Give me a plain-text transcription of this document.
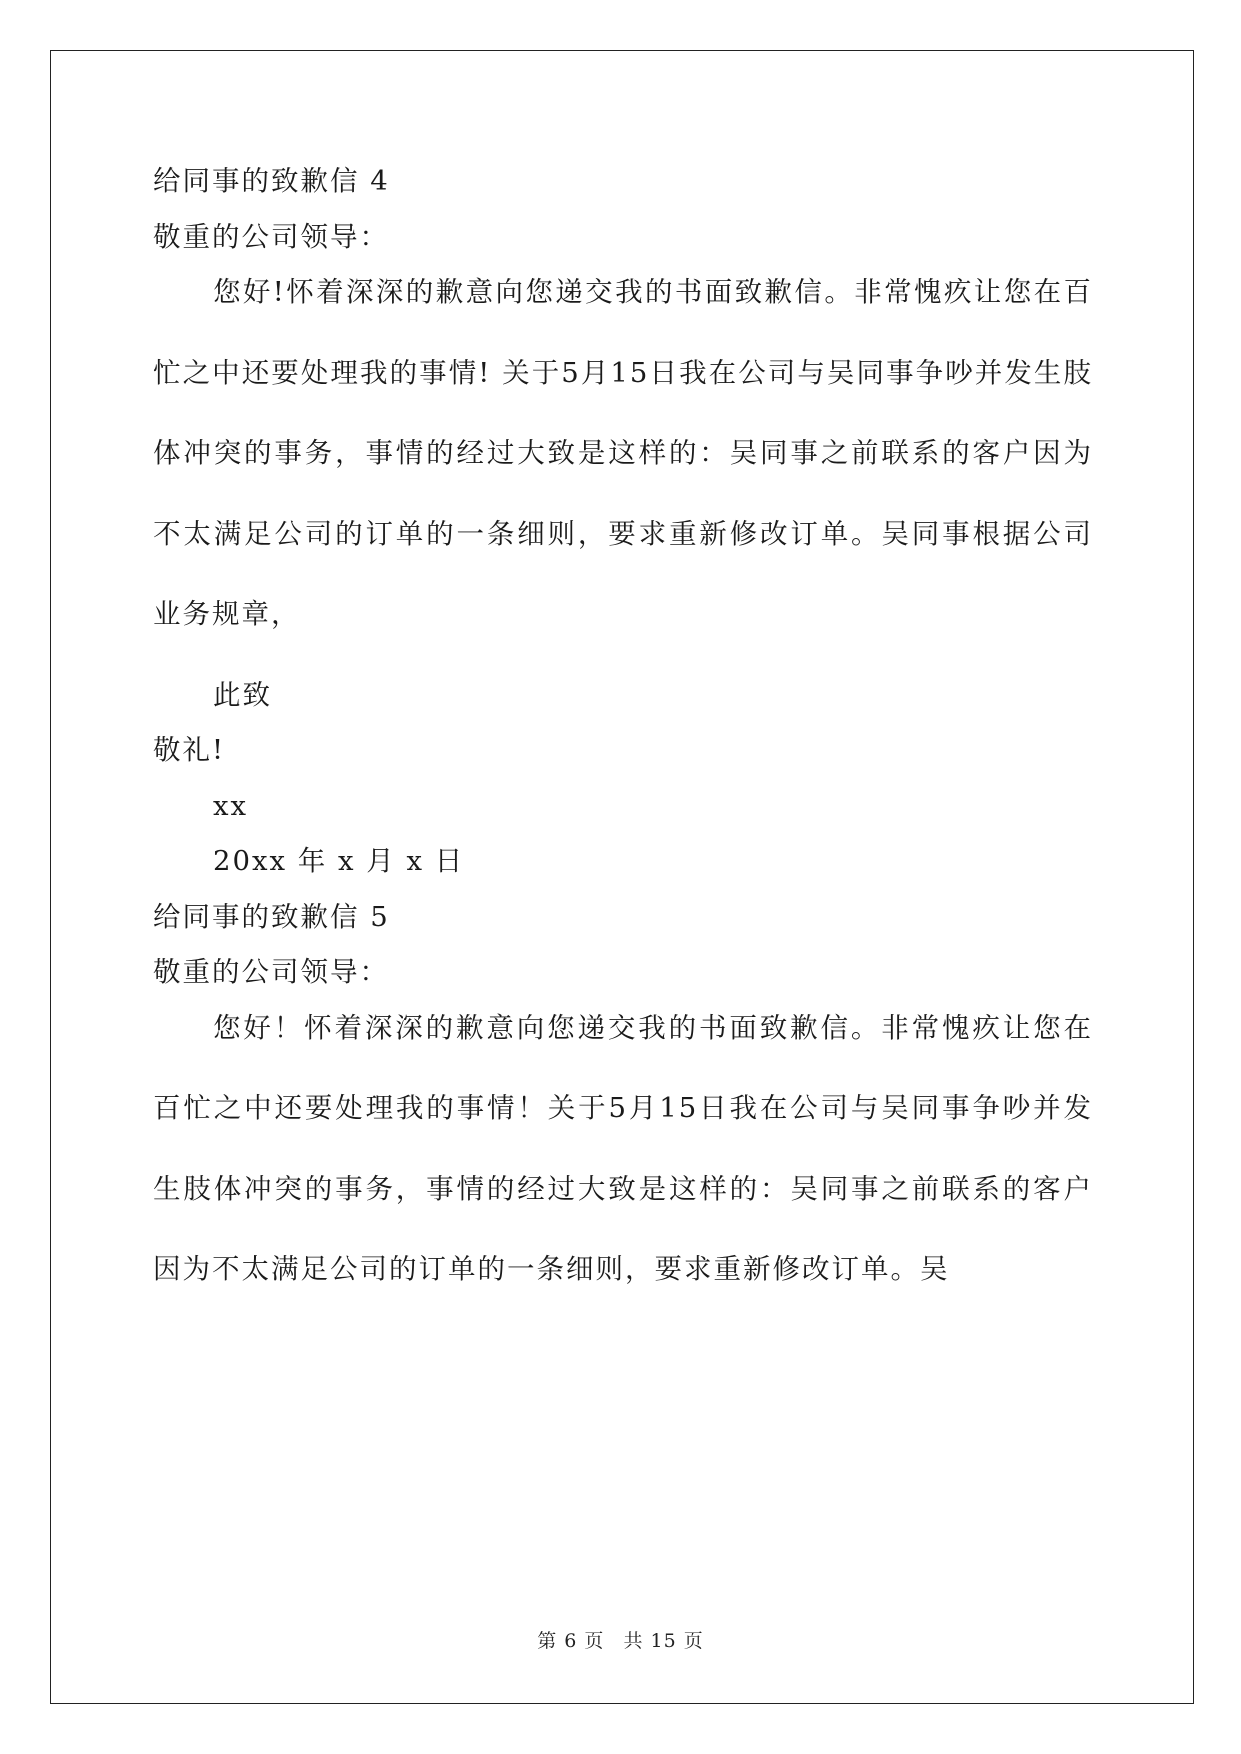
给同事的致歉信 4
敬重的公司领导：
您好!怀着深深的歉意向您递交我的书面致歉信。非常愧疚让您在百忙之中还要处理我的事情! 关于5月15日我在公司与吴同事争吵并发生肢体冲突的事务，事情的经过大致是这样的：吴同事之前联系的客户因为不太满足公司的订单的一条细则，要求重新修改订单。吴同事根据公司业务规章，
此致
敬礼!
xx
20xx 年 x 月 x 日
给同事的致歉信 5
敬重的公司领导：
您好！怀着深深的歉意向您递交我的书面致歉信。非常愧疚让您在百忙之中还要处理我的事情！关于5月15日我在公司与吴同事争吵并发生肢体冲突的事务，事情的经过大致是这样的：吴同事之前联系的客户因为不太满足公司的订单的一条细则，要求重新修改订单。吴
第 6 页 共 15 页
